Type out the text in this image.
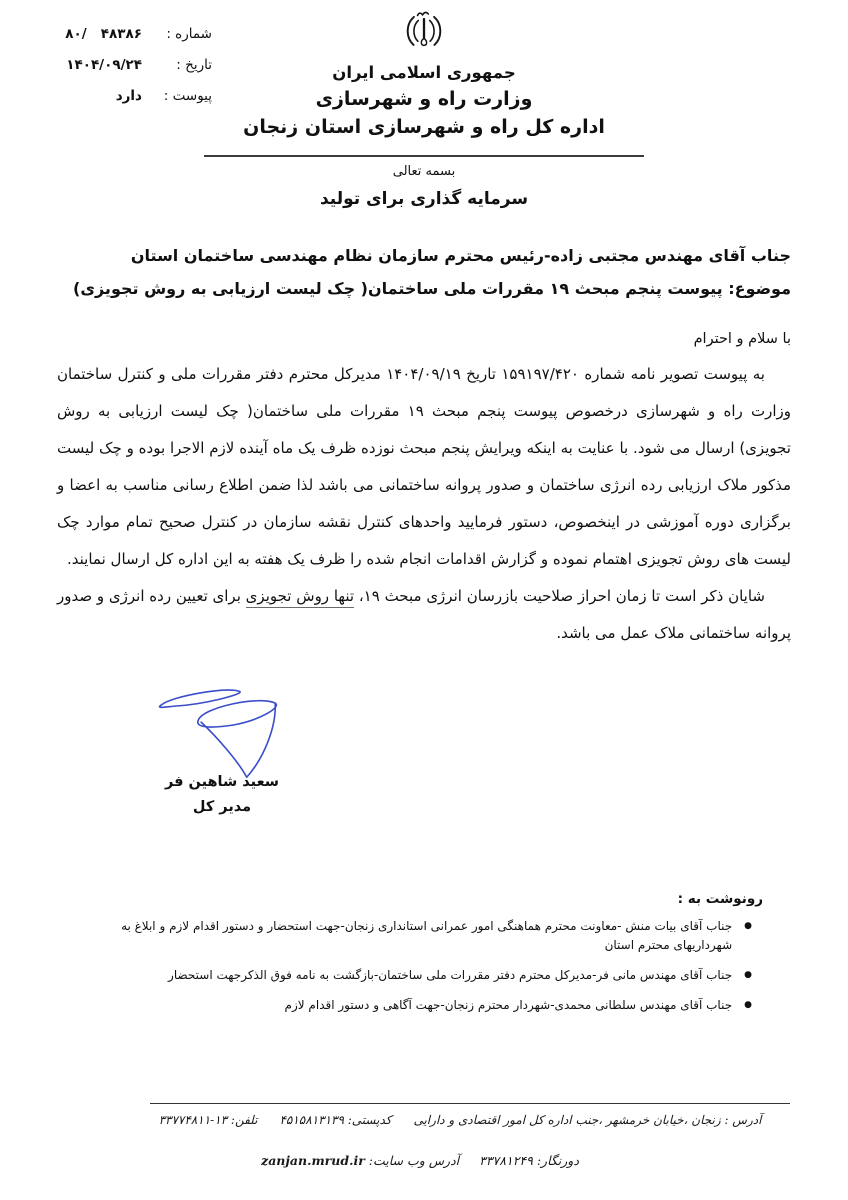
شماره :
۸۰/   ۴۸۳۸۶
تاریخ :
۱۴۰۴/۰۹/۲۴
پیوست :
دارد
جمهوری اسلامی ایران
وزارت راه و شهرسازی
اداره کل راه و شهرسازی استان زنجان
بسمه تعالی
سرمایه گذاری برای تولید
جناب آقای مهندس مجتبی زاده-رئیس محترم سازمان نظام مهندسی ساختمان استان
موضوع: پیوست پنجم مبحث ۱۹ مقررات ملی ساختمان( چک لیست ارزیابی به روش تجویزی)
با سلام و احترام

به پیوست تصویر نامه شماره ۱۵۹۱۹۷/۴۲۰ تاریخ ۱۴۰۴/۰۹/۱۹ مدیرکل محترم دفتر مقررات ملی و کنترل ساختمان وزارت راه و شهرسازی درخصوص پیوست پنجم مبحث ۱۹ مقررات ملی ساختمان( چک لیست ارزیابی به روش تجویزی) ارسال می شود. با عنایت به اینکه ویرایش پنجم مبحث نوزده ظرف یک ماه آینده لازم الاجرا بوده و چک لیست مذکور ملاک ارزیابی رده انرژی ساختمان و صدور پروانه ساختمانی می باشد لذا ضمن اطلاع رسانی مناسب به اعضا و برگزاری دوره آموزشی در اینخصوص، دستور فرمایید واحدهای کنترل نقشه سازمان در کنترل صحیح تمام موارد چک لیست های روش تجویزی اهتمام نموده و گزارش اقدامات انجام شده را ظرف یک هفته به این اداره کل ارسال نمایند.

شایان ذکر است تا زمان احراز صلاحیت بازرسان انرژی مبحث ۱۹، تنها روش تجویزی برای تعیین رده انرژی و صدور پروانه ساختمانی ملاک عمل می باشد.

سعید شاهین فر
مدیر کل
رونوشت به :
●
جناب آقای بیات منش -معاونت محترم هماهنگی امور عمرانی استانداری زنجان-جهت استحضار و دستور اقدام لازم و ابلاغ به شهرداریهای محترم استان
●
جناب آقای مهندس مانی فر-مدیرکل محترم دفتر مقررات ملی ساختمان-بازگشت به نامه فوق الذکرجهت استحضار
●
جناب آقای مهندس سلطانی محمدی-شهردار محترم زنجان-جهت آگاهی و دستور اقدام لازم
آدرس : زنجان ،خیابان خرمشهر ،جنب اداره کل امور اقتصادی و دارایی
کدپستی: ۴۵۱۵۸۱۳۱۳۹
تلفن: ۱۳-۳۳۷۷۴۸۱۱
دورنگار: ۳۳۷۸۱۲۴۹
آدرس وب سایت: zanjan.mrud.ir
